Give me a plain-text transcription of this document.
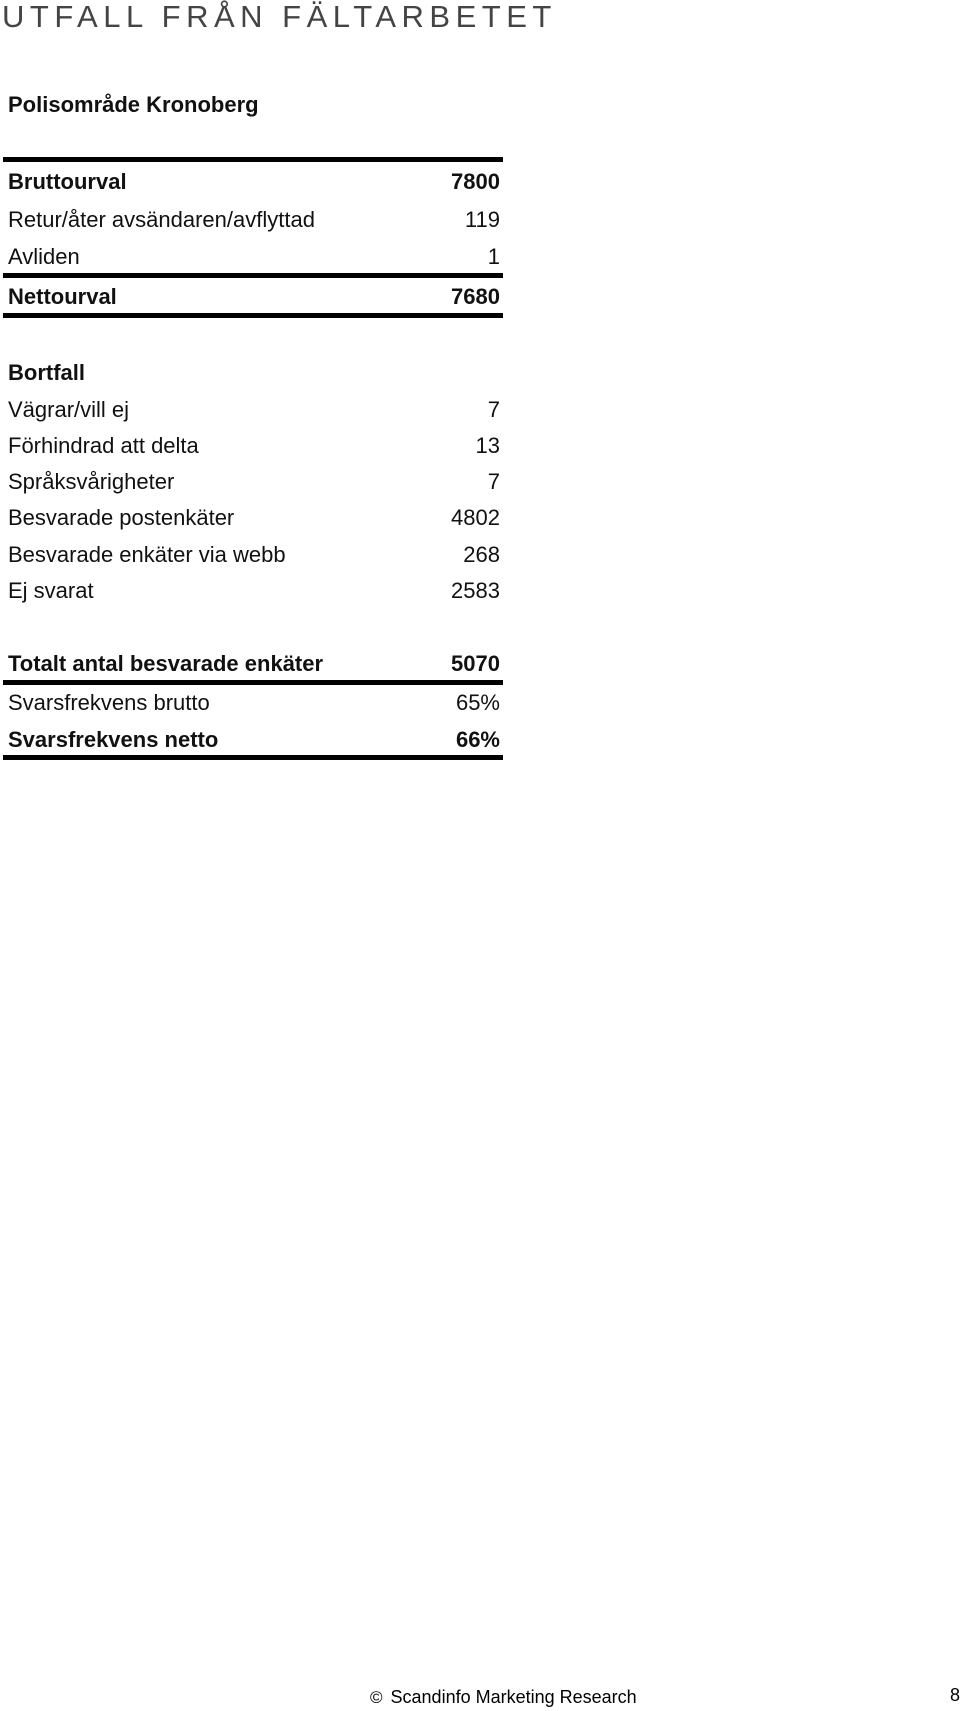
UTFALL FRÅN FÄLTARBETET
Polisområde Kronoberg
Bruttourval	7800
Retur/åter avsändaren/avflyttad	119
Avliden	1
Nettourval	7680
Bortfall
Vägrar/vill ej	7
Förhindrad att delta	13
Språksvårigheter	7
Besvarade postenkäter	4802
Besvarade enkäter via webb	268
Ej svarat	2583
Totalt antal besvarade enkäter	5070
Svarsfrekvens brutto	65%
Svarsfrekvens netto	66%
© Scandinfo Marketing Research	8
